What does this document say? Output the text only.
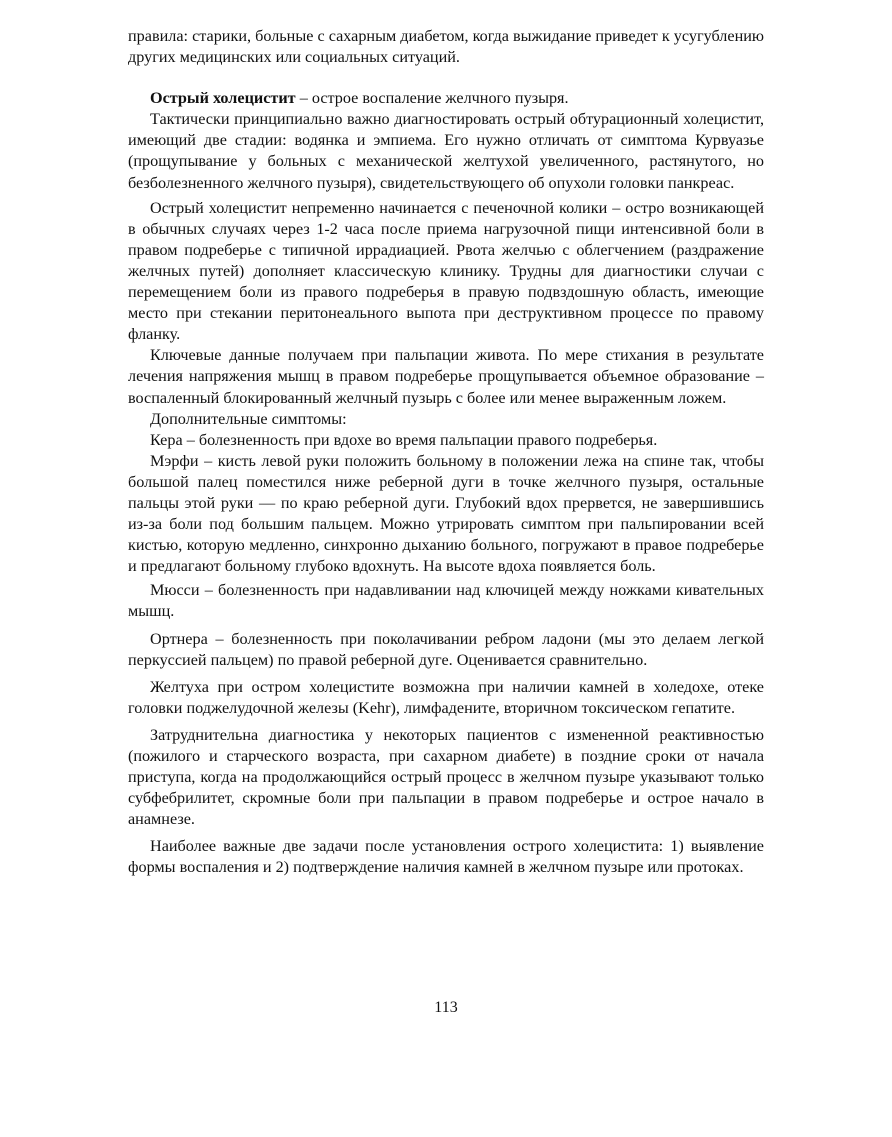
правила: старики, больные с сахарным диабетом, когда выжидание приведет к усугублению других медицинских или социальных ситуаций.

Острый холецистит – острое воспаление желчного пузыря.

Тактически принципиально важно диагностировать острый обтурационный холецистит, имеющий две стадии: водянка и эмпиема. Его нужно отличать от симптома Курвуазье (прощупывание у больных с механической желтухой увеличенного, растянутого, но безболезненного желчного пузыря), свидетельствующего об опухоли головки панкреас.

Острый холецистит непременно начинается с печеночной колики – остро возникающей в обычных случаях через 1-2 часа после приема нагрузочной пищи интенсивной боли в правом подреберье с типичной иррадиацией. Рвота желчью с облегчением (раздражение желчных путей) дополняет классическую клинику. Трудны для диагностики случаи с перемещением боли из правого подреберья в правую подвздошную область, имеющие место при стекании перитонеального выпота при деструктивном процессе по правому фланку.

Ключевые данные получаем при пальпации живота. По мере стихания в результате лечения напряжения мышц в правом подреберье прощупывается объемное образование – воспаленный блокированный желчный пузырь с более или менее выраженным ложем.

Дополнительные симптомы:

Кера – болезненность при вдохе во время пальпации правого подреберья.

Мэрфи – кисть левой руки положить больному в положении лежа на спине так, чтобы большой палец поместился ниже реберной дуги в точке желчного пузыря, остальные пальцы этой руки — по краю реберной дуги. Глубокий вдох прервется, не завершившись из-за боли под большим пальцем. Можно утрировать симптом при пальпировании всей кистью, которую медленно, синхронно дыханию больного, погружают в правое подреберье и предлагают больному глубоко вдохнуть. На высоте вдоха появляется боль.

Мюсси – болезненность при надавливании над ключицей между ножками кивательных мышц.

Ортнера – болезненность при поколачивании ребром ладони (мы это делаем легкой перкуссией пальцем) по правой реберной дуге. Оценивается сравнительно.

Желтуха при остром холецистите возможна при наличии камней в холедохе, отеке головки поджелудочной железы (Kehr), лимфадените, вторичном токсическом гепатите.

Затруднительна диагностика у некоторых пациентов с измененной реактивностью (пожилого и старческого возраста, при сахарном диабете) в поздние сроки от начала приступа, когда на продолжающийся острый процесс в желчном пузыре указывают только субфебрилитет, скромные боли при пальпации в правом подреберье и острое начало в анамнезе.

Наиболее важные две задачи после установления острого холецистита: 1) выявление формы воспаления и 2) подтверждение наличия камней в желчном пузыре или протоках.

113
